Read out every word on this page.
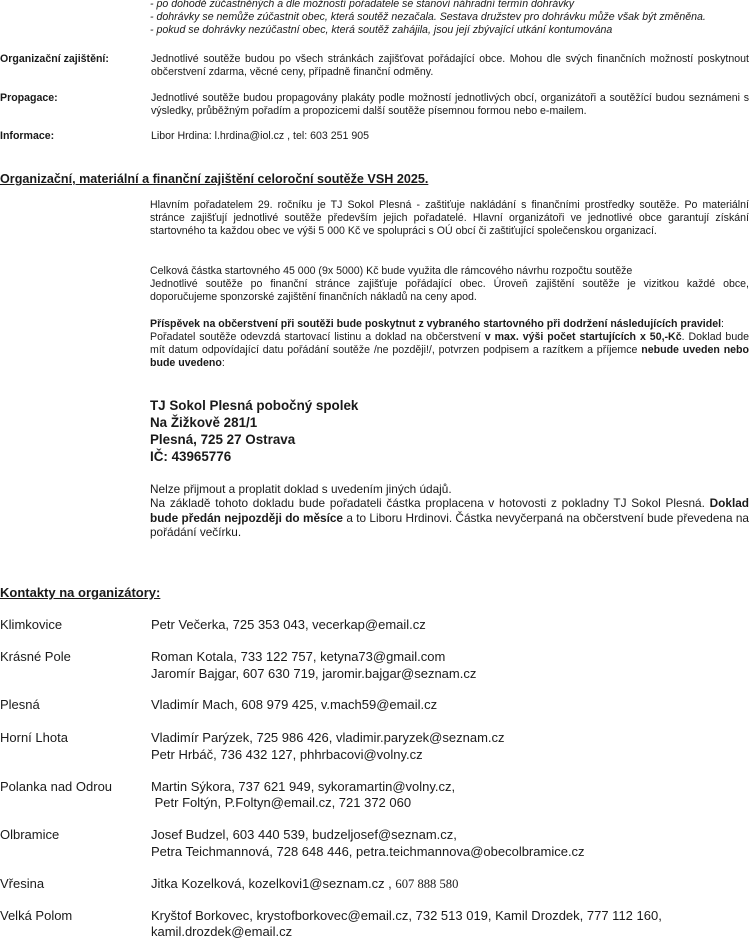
- po dohodě zúčastněných a dle možností pořadatele se stanoví náhradní termín dohrávky
- dohrávky se nemůže zúčastnit obec, která soutěž nezačala. Sestava družstev pro dohrávku může však být změněna.
- pokud se dohrávky nezúčastní obec, která soutěž zahájila, jsou její zbývající utkání kontumována
Organizační zajištění:	Jednotlivé soutěže budou po všech stránkách zajišťovat pořádající obce. Mohou dle svých finančních možností poskytnout občerstvení zdarma, věcné ceny, případně finanční odměny.
Propagace:	Jednotlivé soutěže budou propagovány plakáty podle možností jednotlivých obcí, organizátoři a soutěžící budou seznámeni s výsledky, průběžným pořadím a propozicemi další soutěže písemnou formou nebo e-mailem.
Informace:	Libor Hrdina: l.hrdina@iol.cz , tel: 603 251 905
Organizační, materiální a finanční zajištění celoroční soutěže VSH 2025.
Hlavním pořadatelem 29. ročníku je TJ Sokol Plesná - zaštiťuje nakládání s finančními prostředky soutěže. Po materiální stránce zajišťují jednotlivé soutěže především jejich pořadatelé. Hlavní organizátoři ve jednotlivé obce garantují získání startovného ta každou obec ve výši 5 000 Kč ve spolupráci s OÚ obcí či zaštiťující společenskou organizací.
Celková částka startovného 45 000 (9x 5000) Kč bude využita dle rámcového návrhu rozpočtu soutěže
Jednotlivé soutěže po finanční stránce zajišťuje pořádající obec. Úroveň zajištění soutěže je vizitkou každé obce, doporučujeme sponzorské zajištění finančních nákladů na ceny apod.
Příspěvek na občerstvení při soutěži bude poskytnut z vybraného startovného při dodržení následujících pravidel:
Pořadatel soutěže odevzdá startovací listinu a doklad na občerstvení v max. výši počet startujících x 50,-Kč. Doklad bude mít datum odpovídající datu pořádání soutěže /ne později!/, potvrzen podpisem a razítkem a příjemce nebude uveden nebo bude uvedeno:
TJ Sokol Plesná pobočný spolek
Na Žižkově 281/1
Plesná, 725 27 Ostrava
IČ: 43965776
Nelze přijmout a proplatit doklad s uvedením jiných údajů.
Na základě tohoto dokladu bude pořadateli částka proplacena v hotovosti z pokladny TJ Sokol Plesná. Doklad bude předán nejpozději do měsíce a to Liboru Hrdinovi. Částka nevyčerpaná na občerstvení bude převedena na pořádání večírku.
Kontakty na organizátory:
Klimkovice	Petr Večerka, 725 353 043, vecerkap@email.cz
Krásné Pole	Roman Kotala, 733 122 757, ketyna73@gmail.com
Jaromír Bajgar, 607 630 719, jaromir.bajgar@seznam.cz
Plesná	Vladimír Mach, 608 979 425, v.mach59@email.cz
Horní Lhota	Vladimír Parýzek, 725 986 426, vladimir.paryzek@seznam.cz
Petr Hrbáč, 736 432 127, phhrbacovi@volny.cz
Polanka nad Odrou	Martin Sýkora, 737 621 949, sykoramartin@volny.cz,
Petr Foltýn, P.Foltyn@email.cz, 721 372 060
Olbramice	Josef Budzel, 603 440 539, budzeljosef@seznam.cz,
Petra Teichmannová, 728 648 446, petra.teichmannova@obecolbramice.cz
Vřesina	Jitka Kozelková, kozelkovi1@seznam.cz , 607 888 580
Velká Polom	Kryštof Borkovec, krystofborkovec@email.cz, 732 513 019, Kamil Drozdek, 777 112 160,
kamil.drozdek@email.cz
